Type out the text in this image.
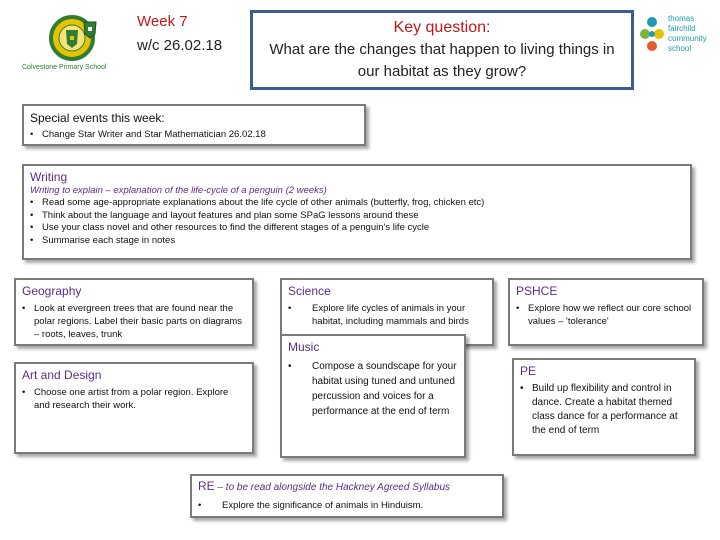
Colvestone Primary School
Week 7
w/c 26.02.18
Key question:
What are the changes that happen to living things in our habitat as they grow?
thomas
fairchild
community
school
Special events this week:
• Change Star Writer and Star Mathematician 26.02.18
Writing
Writing to explain – explanation of the life-cycle of a penguin (2 weeks)
• Read some age-appropriate explanations about the life cycle of other animals (butterfly, frog, chicken etc)
• Think about the language and layout features and plan some SPaG lessons around these
• Use your class novel and other resources to find the different stages of a penguin's life cycle
• Summarise each stage in notes
Geography
• Look at evergreen trees that are found near the polar regions. Label their basic parts on diagrams – roots, leaves, trunk
Science
• Explore life cycles of animals in your habitat, including mammals and birds
PSHCE
• Explore how we reflect our core school values – 'tolerance'
Art and Design
• Choose one artist from a polar region. Explore and research their work.
Music
• Compose a soundscape for your habitat using tuned and untuned percussion and voices for a performance at the end of term
PE
• Build up flexibility and control in dance. Create a habitat themed class dance for a performance at the end of term
RE – to be read alongside the Hackney Agreed Syllabus
• Explore the significance of animals in Hinduism.
